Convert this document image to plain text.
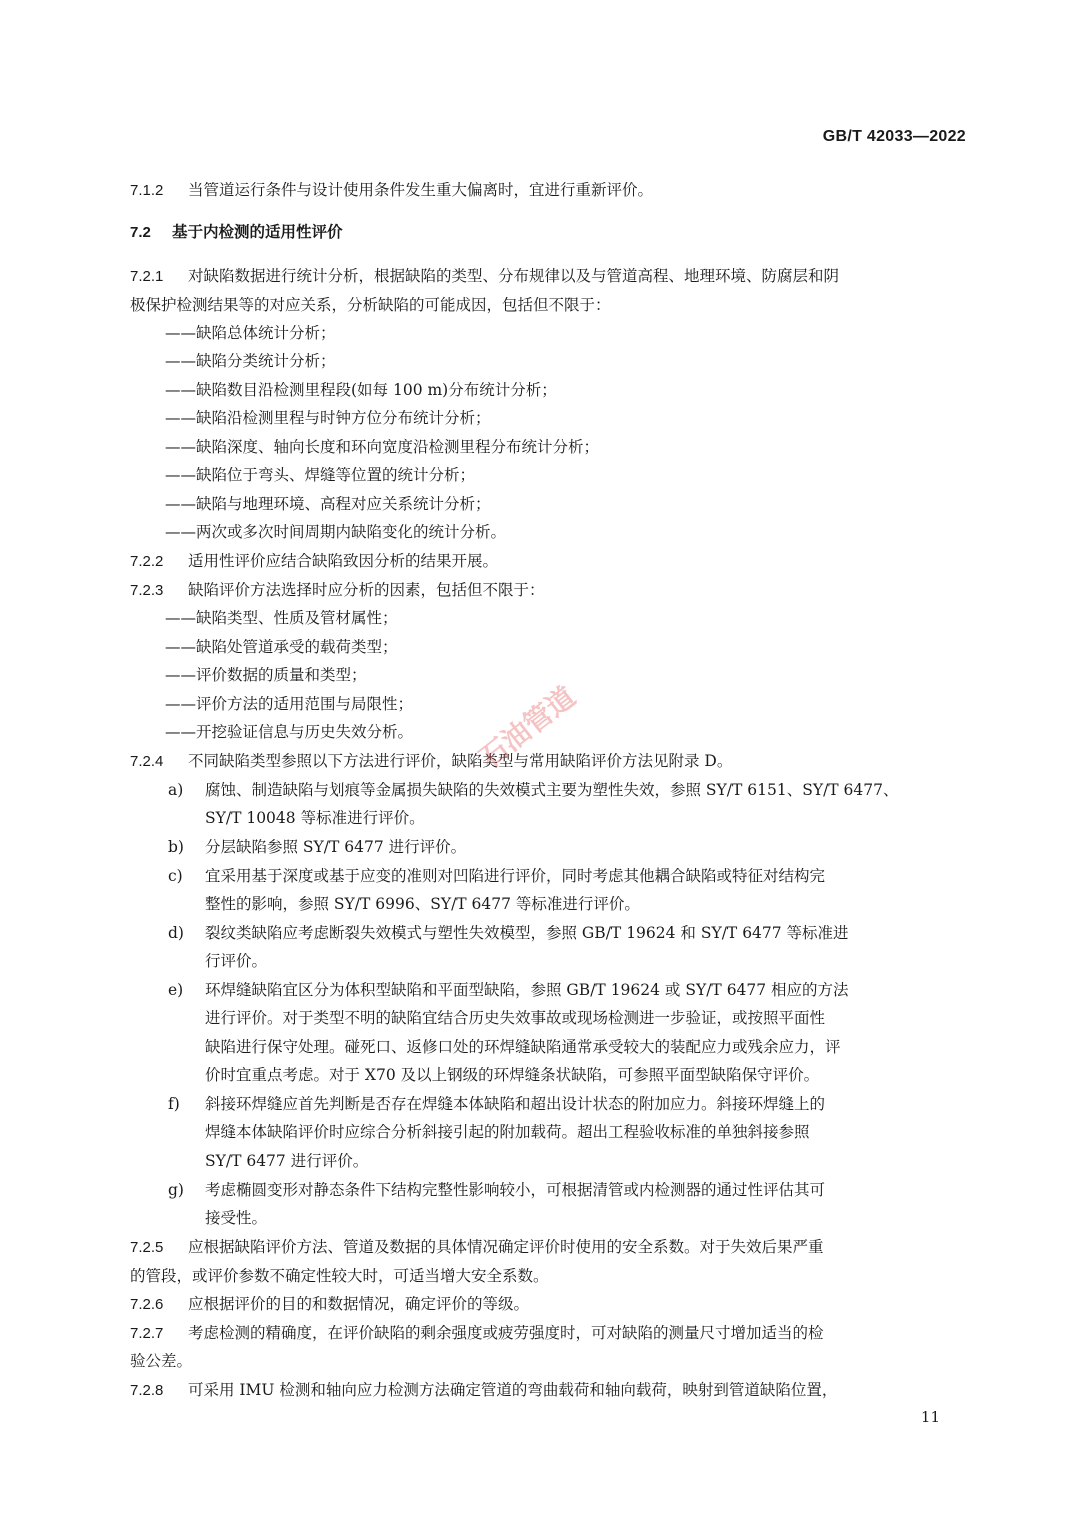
GB/T 42033—2022
7.1.2 当管道运行条件与设计使用条件发生重大偏离时，宜进行重新评价。
7.2 基于内检测的适用性评价
7.2.1 对缺陷数据进行统计分析，根据缺陷的类型、分布规律以及与管道高程、地理环境、防腐层和阴
极保护检测结果等的对应关系，分析缺陷的可能成因，包括但不限于：
——缺陷总体统计分析；
——缺陷分类统计分析；
——缺陷数目沿检测里程段(如每 100 m)分布统计分析；
——缺陷沿检测里程与时钟方位分布统计分析；
——缺陷深度、轴向长度和环向宽度沿检测里程分布统计分析；
——缺陷位于弯头、焊缝等位置的统计分析；
——缺陷与地理环境、高程对应关系统计分析；
——两次或多次时间周期内缺陷变化的统计分析。
7.2.2 适用性评价应结合缺陷致因分析的结果开展。
7.2.3 缺陷评价方法选择时应分析的因素，包括但不限于：
——缺陷类型、性质及管材属性；
——缺陷处管道承受的载荷类型；
——评价数据的质量和类型；
——评价方法的适用范围与局限性；
——开挖验证信息与历史失效分析。
7.2.4 不同缺陷类型参照以下方法进行评价，缺陷类型与常用缺陷评价方法见附录 D。
a) 腐蚀、制造缺陷与划痕等金属损失缺陷的失效模式主要为塑性失效，参照 SY/T 6151、SY/T 6477、
SY/T 10048 等标准进行评价。
b) 分层缺陷参照 SY/T 6477 进行评价。
c) 宜采用基于深度或基于应变的准则对凹陷进行评价，同时考虑其他耦合缺陷或特征对结构完
整性的影响，参照 SY/T 6996、SY/T 6477 等标准进行评价。
d) 裂纹类缺陷应考虑断裂失效模式与塑性失效模型，参照 GB/T 19624 和 SY/T 6477 等标准进
行评价。
e) 环焊缝缺陷宜区分为体积型缺陷和平面型缺陷，参照 GB/T 19624 或 SY/T 6477 相应的方法
进行评价。对于类型不明的缺陷宜结合历史失效事故或现场检测进一步验证，或按照平面性
缺陷进行保守处理。碰死口、返修口处的环焊缝缺陷通常承受较大的装配应力或残余应力，评
价时宜重点考虑。对于 X70 及以上钢级的环焊缝条状缺陷，可参照平面型缺陷保守评价。
f) 斜接环焊缝应首先判断是否存在焊缝本体缺陷和超出设计状态的附加应力。斜接环焊缝上的
焊缝本体缺陷评价时应综合分析斜接引起的附加载荷。超出工程验收标准的单独斜接参照
SY/T 6477 进行评价。
g) 考虑椭圆变形对静态条件下结构完整性影响较小，可根据清管或内检测器的通过性评估其可
接受性。
7.2.5 应根据缺陷评价方法、管道及数据的具体情况确定评价时使用的安全系数。对于失效后果严重
的管段，或评价参数不确定性较大时，可适当增大安全系数。
7.2.6 应根据评价的目的和数据情况，确定评价的等级。
7.2.7 考虑检测的精确度，在评价缺陷的剩余强度或疲劳强度时，可对缺陷的测量尺寸增加适当的检
验公差。
7.2.8 可采用 IMU 检测和轴向应力检测方法确定管道的弯曲载荷和轴向载荷，映射到管道缺陷位置，
11
石油管道
